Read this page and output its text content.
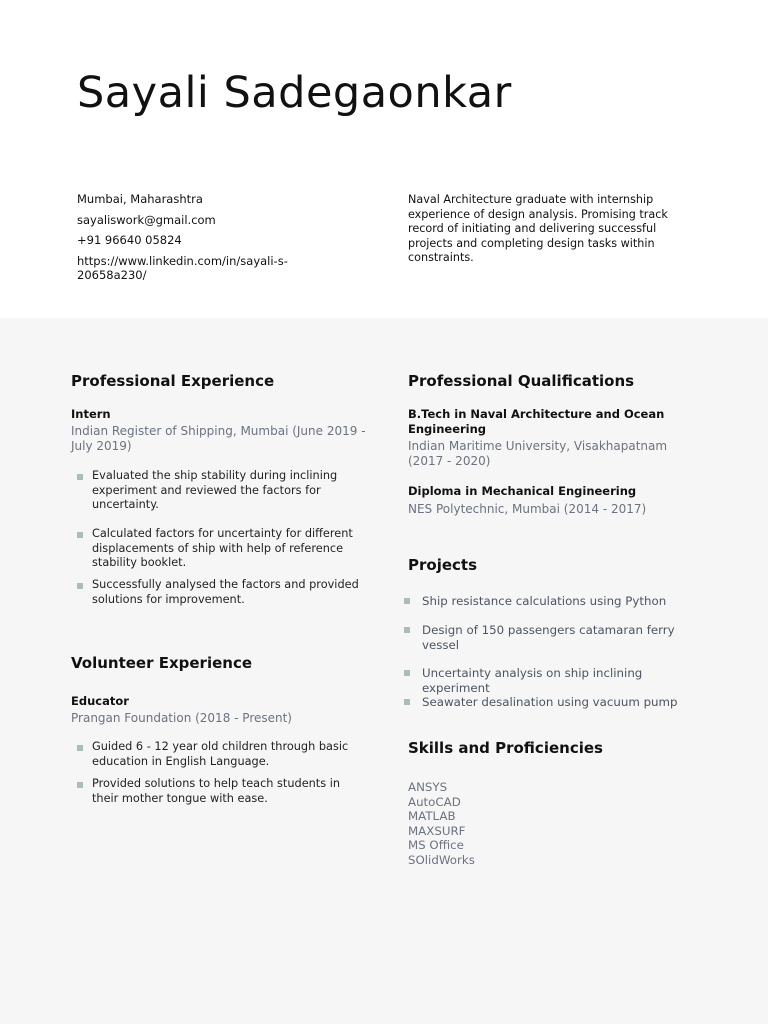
Sayali Sadegaonkar
Mumbai, Maharashtra
sayaliswork@gmail.com
+91 96640 05824
https://www.linkedin.com/in/sayali-s-20658a230/
Naval Architecture graduate with internship experience of design analysis. Promising track record of initiating and delivering successful projects and completing design tasks within constraints.
Professional Experience
Intern
Indian Register of Shipping, Mumbai (June 2019 - July 2019)
Evaluated the ship stability during inclining experiment and reviewed the factors for uncertainty.
Calculated factors for uncertainty for different displacements of ship with help of reference stability booklet.
Successfully analysed the factors and provided solutions for improvement.
Volunteer Experience
Educator
Prangan Foundation (2018 - Present)
Guided 6 - 12 year old children through basic education in English Language.
Provided solutions to help teach students in their mother tongue with ease.
Professional Qualifications
B.Tech in Naval Architecture and Ocean Engineering
Indian Maritime University, Visakhapatnam (2017 - 2020)
Diploma in Mechanical Engineering
NES Polytechnic, Mumbai (2014 - 2017)
Projects
Ship resistance calculations using Python
Design of 150 passengers catamaran ferry vessel
Uncertainty analysis on ship inclining experiment
Seawater desalination using vacuum pump
Skills and Proficiencies
ANSYS
AutoCAD
MATLAB
MAXSURF
MS Office
SOlidWorks
